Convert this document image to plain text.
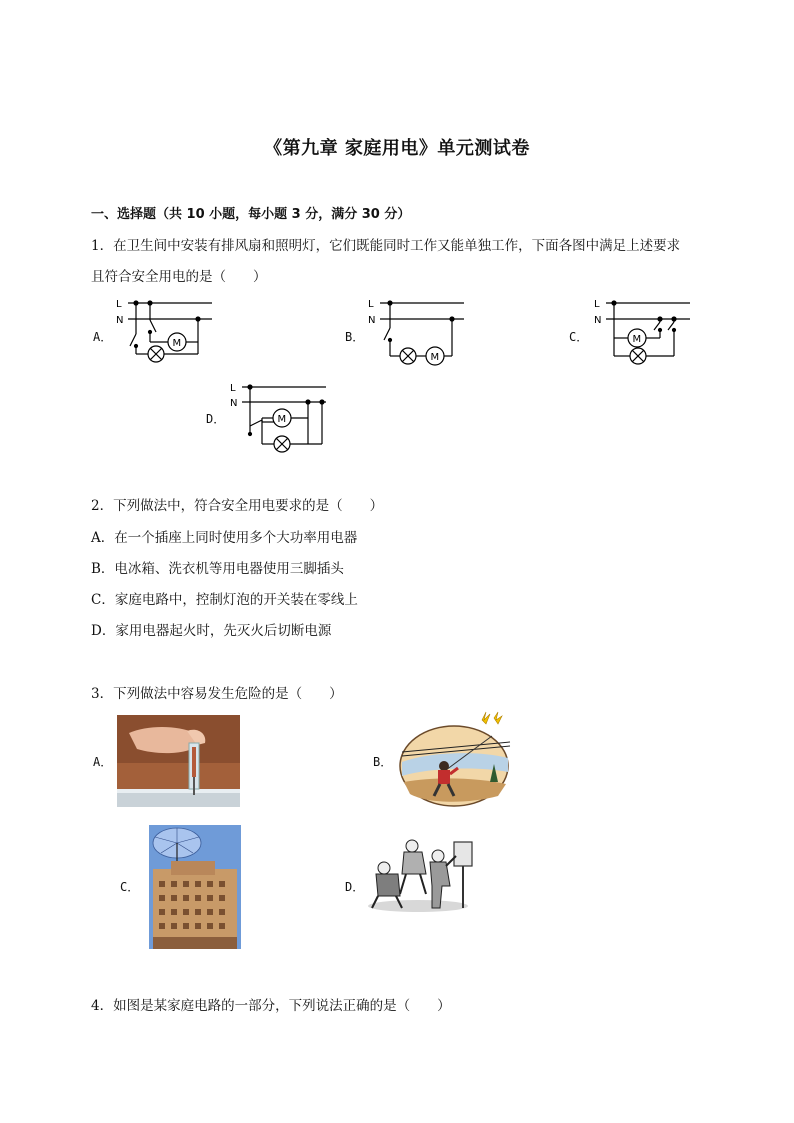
《第九章 家庭用电》单元测试卷
一、选择题（共 10 小题，每小题 3 分，满分 30 分）
1．在卫生间中安装有排风扇和照明灯，它们既能同时工作又能单独工作，下面各图中满足上述要求
且符合安全用电的是（　　）
A．	B．	C．
D．
L
N
M
L
N
M
L
N
M
L
N
M
2．下列做法中，符合安全用电要求的是（　　）
A．在一个插座上同时使用多个大功率用电器
B．电冰箱、洗衣机等用电器使用三脚插头
C．家庭电路中，控制灯泡的开关装在零线上
D．家用电器起火时，先灭火后切断电源
3．下列做法中容易发生危险的是（　　）
A．	B．
C．	D．
4．如图是某家庭电路的一部分，下列说法正确的是（　　）
